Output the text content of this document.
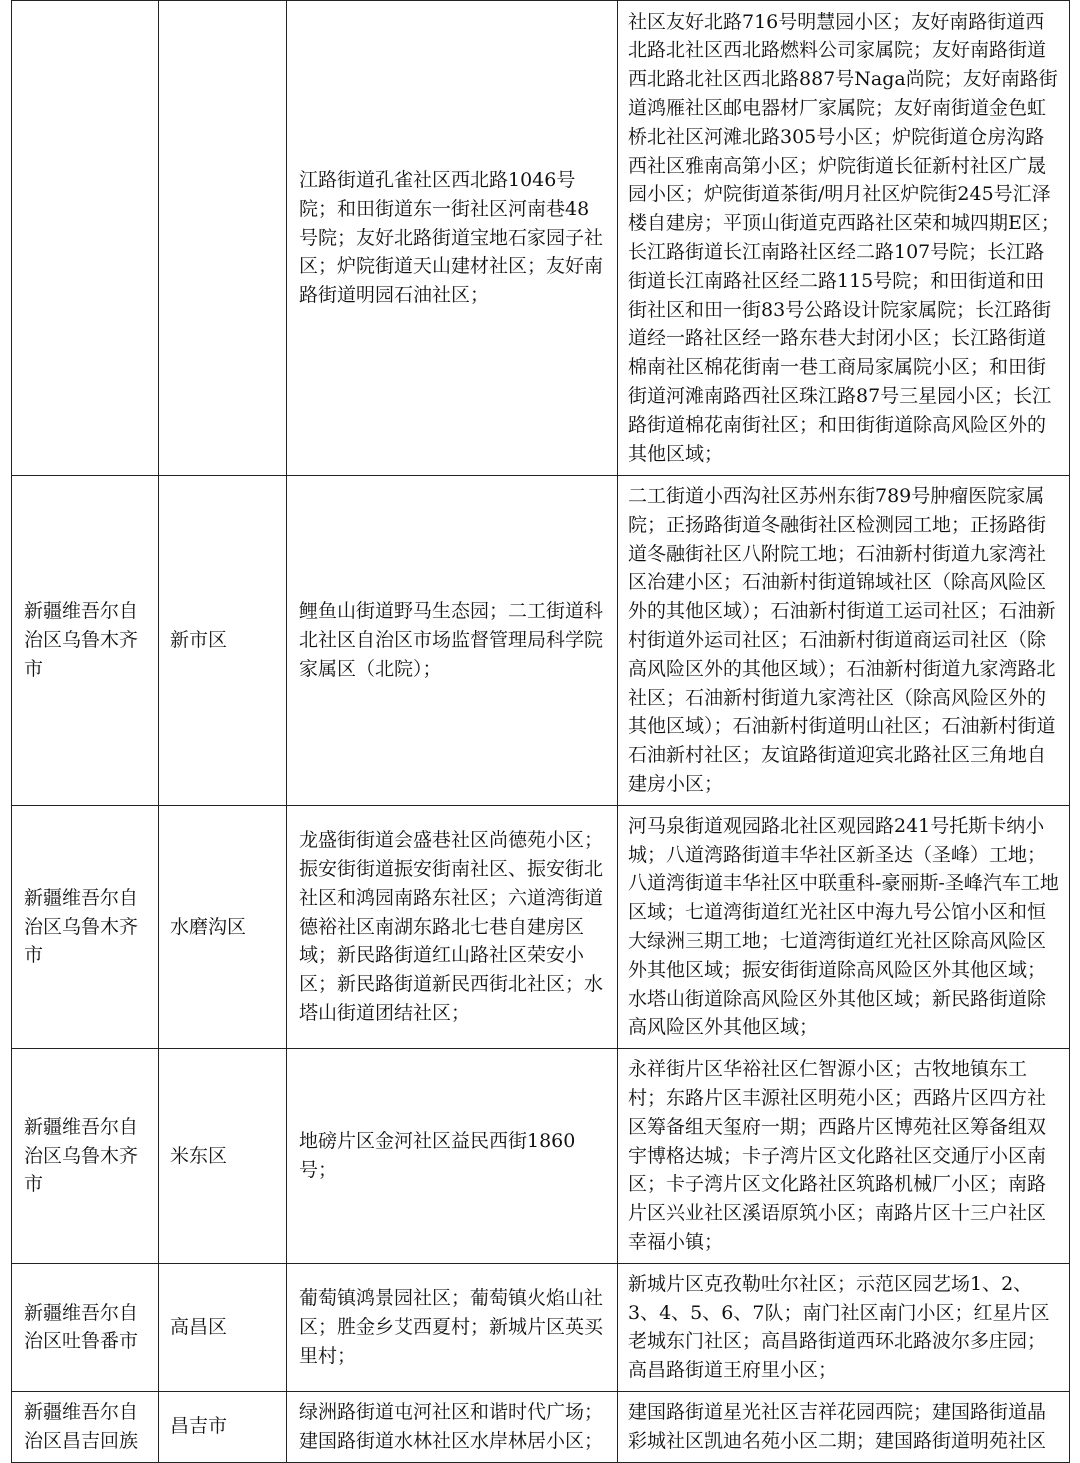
		江路街道孔雀社区西北路1046号院；和田街道东一街社区河南巷48号院；友好北路街道宝地石家园子社区；炉院街道天山建材社区；友好南路街道明园石油社区；	社区友好北路716号明慧园小区；友好南路街道西北路北社区西北路燃料公司家属院；友好南路街道西北路北社区西北路887号Naga尚院；友好南路街道鸿雁社区邮电器材厂家属院；友好南街道金色虹桥北社区河滩北路305号小区；炉院街道仓房沟路西社区雅南高第小区；炉院街道长征新村社区广晟园小区；炉院街道茶街/明月社区炉院街245号汇泽楼自建房；平顶山街道克西路社区荣和城四期E区；长江路街道长江南路社区经二路107号院；长江路街道长江南路社区经二路115号院；和田街道和田街社区和田一街83号公路设计院家属院；长江路街道经一路社区经一路东巷大封闭小区；长江路街道棉南社区棉花街南一巷工商局家属院小区；和田街街道河滩南路西社区珠江路87号三星园小区；长江路街道棉花南街社区；和田街街道除高风险区外的其他区域；
新疆维吾尔自治区乌鲁木齐市	新市区	鲤鱼山街道野马生态园；二工街道科北社区自治区市场监督管理局科学院家属区（北院）；	二工街道小西沟社区苏州东街789号肿瘤医院家属院；正扬路街道冬融街社区检测园工地；正扬路街道冬融街社区八附院工地；石油新村街道九家湾社区冶建小区；石油新村街道锦域社区（除高风险区外的其他区域）；石油新村街道工运司社区；石油新村街道外运司社区；石油新村街道商运司社区（除高风险区外的其他区域）；石油新村街道九家湾路北社区；石油新村街道九家湾社区（除高风险区外的其他区域）；石油新村街道明山社区；石油新村街道石油新村社区；友谊路街道迎宾北路社区三角地自建房小区；
新疆维吾尔自治区乌鲁木齐市	水磨沟区	龙盛街街道会盛巷社区尚德苑小区；振安街街道振安街南社区、振安街北社区和鸿园南路东社区；六道湾街道德裕社区南湖东路北七巷自建房区域；新民路街道红山路社区荣安小区；新民路街道新民西街北社区；水塔山街道团结社区；	河马泉街道观园路北社区观园路241号托斯卡纳小城；八道湾路街道丰华社区新圣达（圣峰）工地；八道湾街道丰华社区中联重科-豪丽斯-圣峰汽车工地区域；七道湾街道红光社区中海九号公馆小区和恒大绿洲三期工地；七道湾街道红光社区除高风险区外其他区域；振安街街道除高风险区外其他区域；水塔山街道除高风险区外其他区域；新民路街道除高风险区外其他区域；
新疆维吾尔自治区乌鲁木齐市	米东区	地磅片区金河社区益民西街1860号；	永祥街片区华裕社区仁智源小区；古牧地镇东工村；东路片区丰源社区明苑小区；西路片区四方社区筹备组天玺府一期；西路片区博苑社区筹备组双宇博格达城；卡子湾片区文化路社区交通厅小区南区；卡子湾片区文化路社区筑路机械厂小区；南路片区兴业社区溪语原筑小区；南路片区十三户社区幸福小镇；
新疆维吾尔自治区吐鲁番市	高昌区	葡萄镇鸿景园社区；葡萄镇火焰山社区；胜金乡艾西夏村；新城片区英买里村；	新城片区克孜勒吐尔社区；示范区园艺场1、2、3、4、5、6、7队；南门社区南门小区；红星片区老城东门社区；高昌路街道西环北路波尔多庄园；高昌路街道王府里小区；
新疆维吾尔自治区昌吉回族	昌吉市	绿洲路街道屯河社区和谐时代广场；建国路街道水林社区水岸林居小区；	建国路街道星光社区吉祥花园西院；建国路街道晶彩城社区凯迪名苑小区二期；建国路街道明苑社区
